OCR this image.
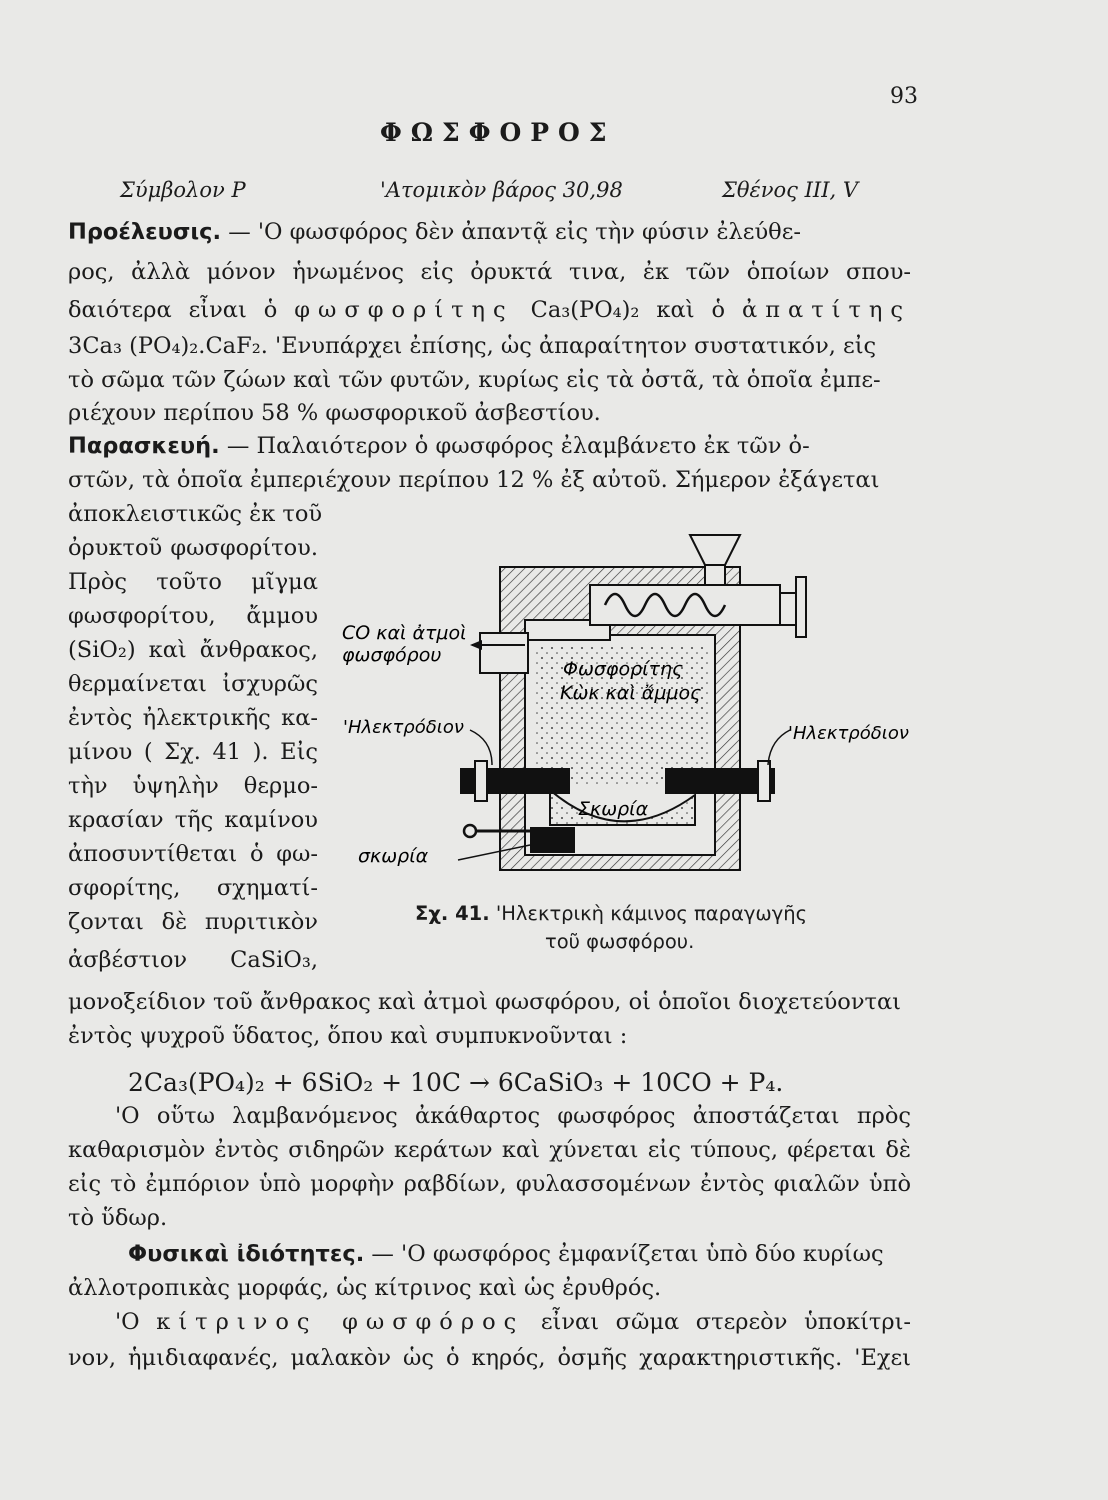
93
ΦΩΣΦΟΡΟΣ
Σύμβολον P	'Ατομικὸν βάρος 30,98	Σθένος III, V
Προέλευσις. — 'Ο φωσφόρος δὲν ἀπαντᾷ εἰς τὴν φύσιν ἐλεύθε-
ρος, ἀλλὰ μόνον ἡνωμένος εἰς ὀρυκτά τινα, ἐκ τῶν ὁποίων σπου-
δαιότερα εἶναι ὁ φωσφορίτης Ca₃(PO₄)₂ καὶ ὁ ἀπατίτης
3Ca₃ (PO₄)₂.CaF₂. 'Ενυπάρχει ἐπίσης, ὡς ἀπαραίτητον συστατικόν, εἰς
τὸ σῶμα τῶν ζώων καὶ τῶν φυτῶν, κυρίως εἰς τὰ ὀστᾶ, τὰ ὁποῖα ἐμπε-
ριέχουν περίπου 58 % φωσφορικοῦ ἀσβεστίου.
Παρασκευή. — Παλαιότερον ὁ φωσφόρος ἐλαμβάνετο ἐκ τῶν ὀ-
στῶν, τὰ ὁποῖα ἐμπεριέχουν περίπου 12 % ἐξ αὐτοῦ. Σήμερον ἐξάγεται
ἀποκλειστικῶς ἐκ τοῦ
ὀρυκτοῦ φωσφορίτου.
Πρὸς τοῦτο μῖγμα
φωσφορίτου, ἄμμου
(SiO₂) καὶ ἄνθρακος,
θερμαίνεται ἰσχυρῶς
ἐντὸς ἠλεκτρικῆς κα-
μίνου ( Σχ. 41 ). Εἰς
τὴν ὑψηλὴν θερμο-
κρασίαν τῆς καμίνου
ἀποσυντίθεται ὁ φω-
σφορίτης, σχηματί-
ζονται δὲ πυριτικὸν
ἀσβέστιον CaSiO₃,
CO καὶ ἀτμοὶ
φωσφόρου
Φωσφορίτης
Κὼκ καὶ ἄμμος
'Ηλεκτρόδιον	'Ηλεκτρόδιον
Σκωρία
σκωρία
Σχ. 41. 'Ηλεκτρικὴ κάμινος παραγωγῆς
τοῦ φωσφόρου.
μονοξείδιον τοῦ ἄνθρακος καὶ ἀτμοὶ φωσφόρου, οἱ ὁποῖοι διοχετεύονται
ἐντὸς ψυχροῦ ὕδατος, ὅπου καὶ συμπυκνοῦνται :
2Ca₃(PO₄)₂ + 6SiO₂ + 10C → 6CaSiO₃ + 10CO + P₄.
'Ο οὕτω λαμβανόμενος ἀκάθαρτος φωσφόρος ἀποστάζεται πρὸς
καθαρισμὸν ἐντὸς σιδηρῶν κεράτων καὶ χύνεται εἰς τύπους, φέρεται δὲ
εἰς τὸ ἐμπόριον ὑπὸ μορφὴν ραβδίων, φυλασσομένων ἐντὸς φιαλῶν ὑπὸ
τὸ ὕδωρ.
Φυσικαὶ ἰδιότητες. — 'Ο φωσφόρος ἐμφανίζεται ὑπὸ δύο κυρίως
ἀλλοτροπικὰς μορφάς, ὡς κίτρινος καὶ ὡς ἐρυθρός.
'Ο κίτρινος φωσφόρος εἶναι σῶμα στερεὸν ὑποκίτρι-
νον, ἡμιδιαφανές, μαλακὸν ὡς ὁ κηρός, ὀσμῆς χαρακτηριστικῆς. 'Εχει
